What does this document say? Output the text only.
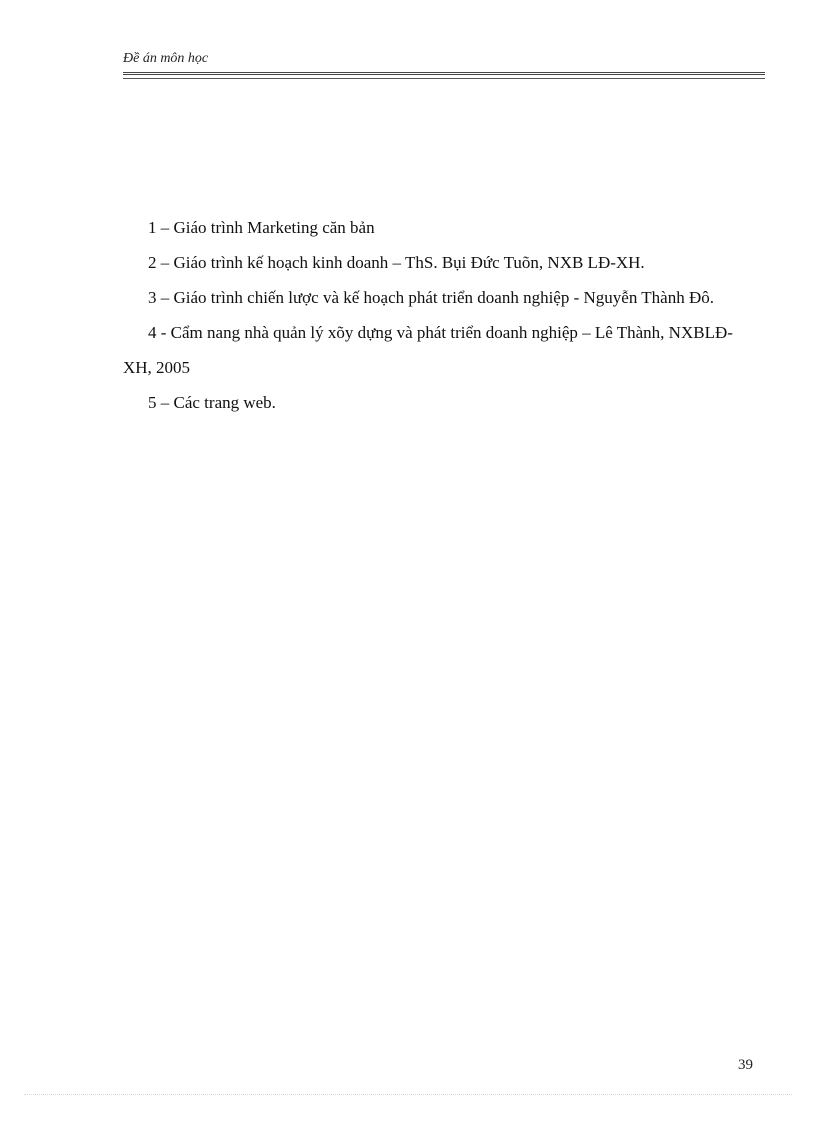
Đề án môn học

1 – Giáo trình Marketing căn bản

2 – Giáo trình kế hoạch kinh doanh – ThS. Bụi Đức Tuõn, NXB LĐ-XH.

3 – Giáo trình chiến lược và kế hoạch phát triển doanh nghiệp - Nguyễn Thành Đô.

4 - Cẩm nang nhà quản lý xõy dựng và phát triển doanh nghiệp – Lê Thành, NXBLĐ-XH, 2005

5 – Các trang web.

39
